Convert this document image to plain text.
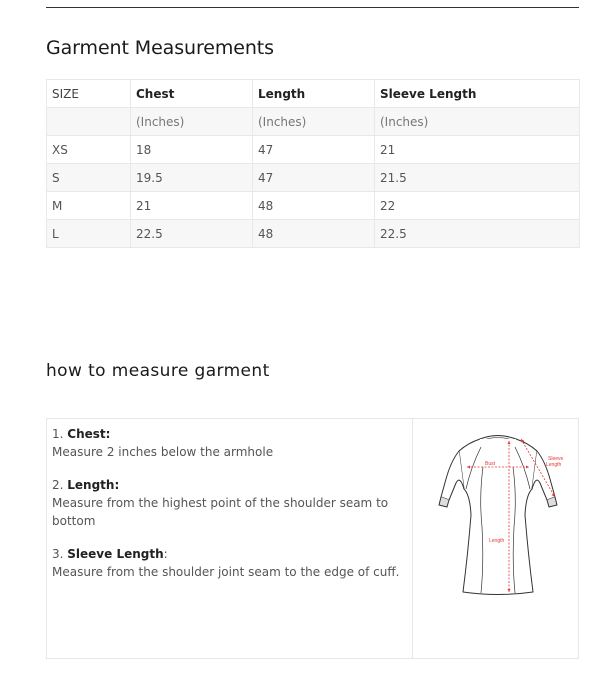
Garment Measurements
SIZE	Chest	Length	Sleeve Length
	(Inches)	(Inches)	(Inches)
XS	18	47	21
S	19.5	47	21.5
M	21	48	22
L	22.5	48	22.5
how to measure garment
1. Chest:
Measure 2 inches below the armhole
2. Length:
Measure from the highest point of the shoulder seam to bottom
3. Sleeve Length:
Measure from the shoulder joint seam to the edge of cuff.
Bust
Length
Sleeve
Length
